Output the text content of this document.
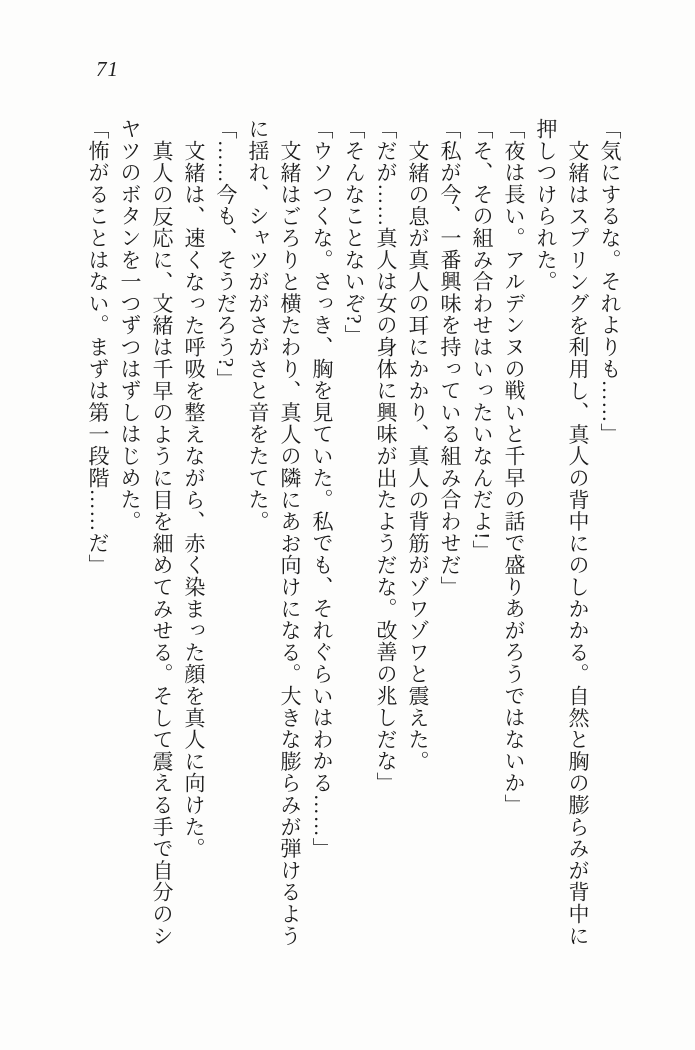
71
「気にするな。それよりも……」
文緒はスプリングを利用し、真人の背中にのしかかる。自然と胸の膨らみが背中に
押しつけられた。
「夜は長い。アルデンヌの戦いと千早の話で盛りあがろうではないか」
「そ、その組み合わせはいったいなんだよ!」
「私が今、一番興味を持っている組み合わせだ」
文緒の息が真人の耳にかかり、真人の背筋がゾワゾワと震えた。
「だが……真人は女の身体に興味が出たようだな。改善の兆しだな」
「そんなことないぞ?」
「ウソつくな。さっき、胸を見ていた。私でも、それぐらいはわかる……」
文緒はごろりと横たわり、真人の隣にあお向けになる。大きな膨らみが弾けるよう
に揺れ、シャツががさがさと音をたてた。
「……今も、そうだろう?」
文緒は、速くなった呼吸を整えながら、赤く染まった顔を真人に向けた。
真人の反応に、文緒は千早のように目を細めてみせる。そして震える手で自分のシ
ヤツのボタンを一つずつはずしはじめた。
「怖がることはない。まずは第一段階……だ」
